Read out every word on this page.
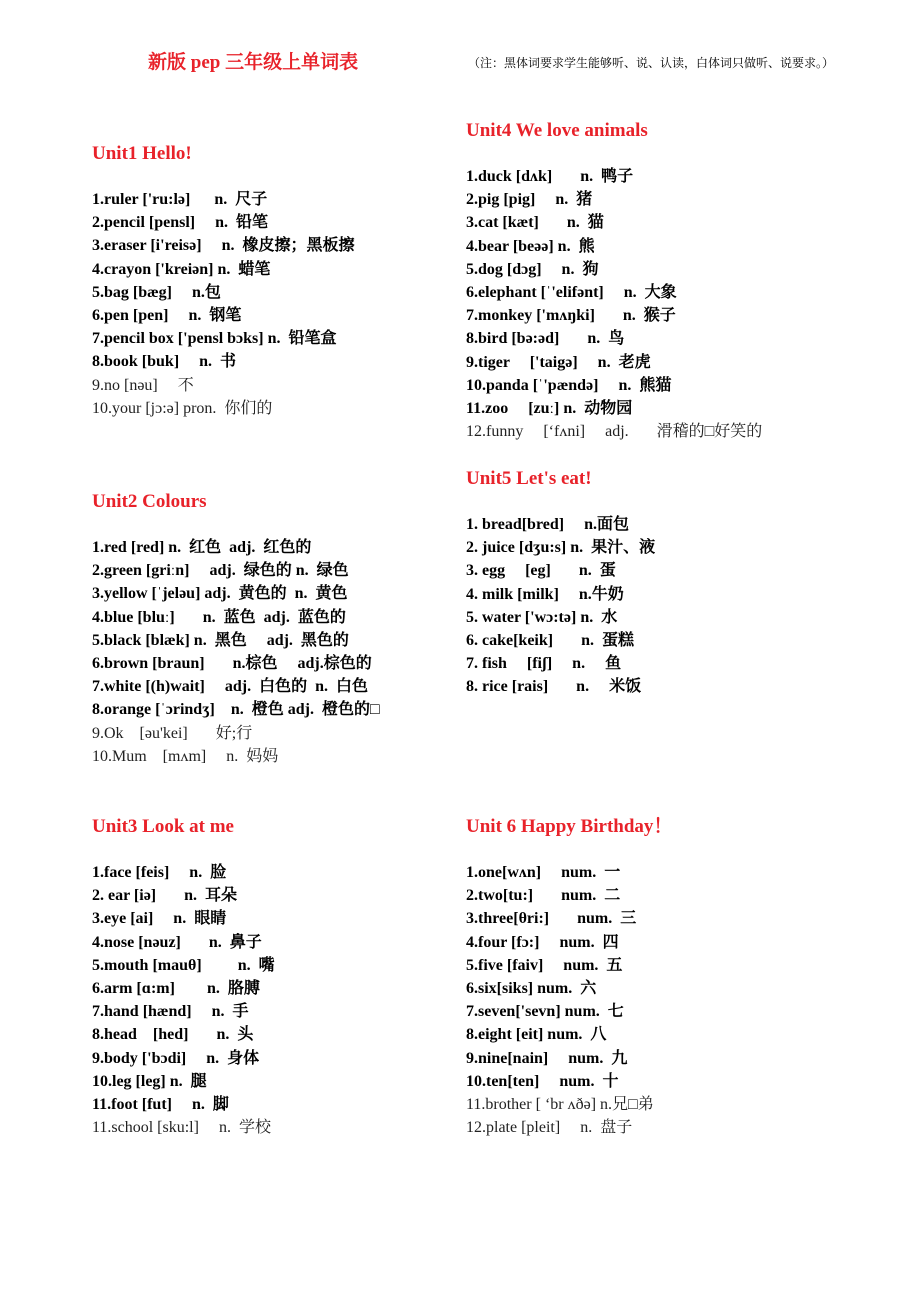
新版 pep 三年级上单词表	（注：黑体词要求学生能够听、说、认读，白体词只做听、说要求。）
Unit1 Hello!
1.ruler ['ru:lə]      n.  尺子
2.pencil [pensl]     n.  铅笔
3.eraser [i'reisə]     n.  橡皮擦；黑板擦
4.crayon ['kreiən] n.  蜡笔
5.bag [bæg]     n.包
6.pen [pen]     n.  钢笔
7.pencil box ['pensl bɔks] n.  铅笔盒
8.book [buk]     n.  书
9.no [nəu]     不
10.your [jɔ:ə] pron.  你们的
Unit2 Colours
1.red [red] n.  红色  adj.  红色的
2.green [griːn]     adj.  绿色的 n.  绿色
3.yellow [ˈjeləu] adj.  黄色的  n.  黄色
4.blue [bluː]       n.  蓝色  adj.  蓝色的
5.black [blæk] n.  黑色     adj.  黑色的
6.brown [braun]       n.棕色     adj.棕色的
7.white [(h)wait]     adj.  白色的  n.  白色
8.orange [ˈɔrindʒ]    n.  橙色 adj.  橙色的□
9.Ok    [əu'kei]       好;行
10.Mum    [mʌm]     n.  妈妈
Unit3 Look at me
1.face [feis]     n.  脸
2. ear [iə]       n.  耳朵
3.eye [ai]     n.  眼睛
4.nose [nəuz]       n.  鼻子
5.mouth [mauθ]         n.  嘴
6.arm [ɑ:m]        n.  胳膊
7.hand [hænd]     n.  手
8.head    [hed]       n.  头
9.body ['bɔdi]     n.  身体
10.leg [leg] n.  腿
11.foot [fut]     n.  脚
11.school [sku:l]     n.  学校
Unit4 We love animals
1.duck [dʌk]       n.  鸭子
2.pig [pig]     n.  猪
3.cat [kæt]       n.  猫
4.bear [beəə] n.  熊
5.dog [dɔg]     n.  狗
6.elephant [ˈ'elifənt]     n.  大象
7.monkey ['mʌŋki]       n.  猴子
8.bird [bə:əd]       n.  鸟
9.tiger     ['taigə]     n.  老虎
10.panda [ˈ'pændə]     n.  熊猫
11.zoo     [zuː] n.  动物园
12.funny     [‘fʌni]     adj.       滑稽的□好笑的
Unit5 Let's eat!
1. bread[bred]     n.面包
2. juice [dʒu:s] n.  果汁、液
3. egg     [eg]       n.  蛋
4. milk [milk]     n.牛奶
5. water ['wɔ:tə] n.  水
6. cake[keik]       n.  蛋糕
7. fish     [fiʃ]     n.     鱼
8. rice [rais]       n.     米饭
Unit 6 Happy Birthday！
1.one[wʌn]     num.  一
2.two[tu:]       num.  二
3.three[θri:]       num.  三
4.four [fɔ:]     num.  四
5.five [faiv]     num.  五
6.six[siks] num.  六
7.seven['sevn] num.  七
8.eight [eit] num.  八
9.nine[nain]     num.  九
10.ten[ten]     num.  十
11.brother [ ‘br ʌðə] n.兄□弟
12.plate [pleit]     n.  盘子
